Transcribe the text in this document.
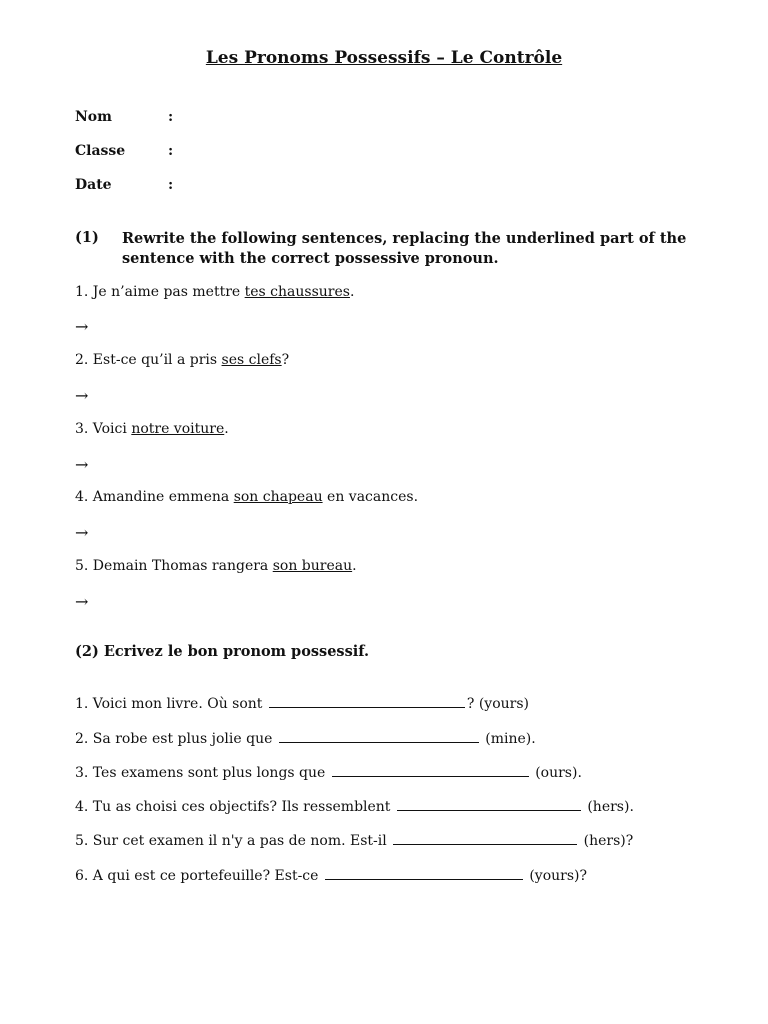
Les Pronoms Possessifs – Le Contrôle
Nom	:
Classe	:
Date	:
(1) Rewrite the following sentences, replacing the underlined part of the sentence with the correct possessive pronoun.
1. Je n’aime pas mettre tes chaussures.
→
2. Est-ce qu’il a pris ses clefs?
→
3. Voici notre voiture.
→
4. Amandine emmena son chapeau en vacances.
→
5. Demain Thomas rangera son bureau.
→
(2) Ecrivez le bon pronom possessif.
1. Voici mon livre. Où sont	? (yours)
2. Sa robe est plus jolie que	(mine).
3. Tes examens sont plus longs que	(ours).
4. Tu as choisi ces objectifs? Ils ressemblent	(hers).
5. Sur cet examen il n'y a pas de nom. Est-il	(hers)?
6. A qui est ce portefeuille? Est-ce	(yours)?
